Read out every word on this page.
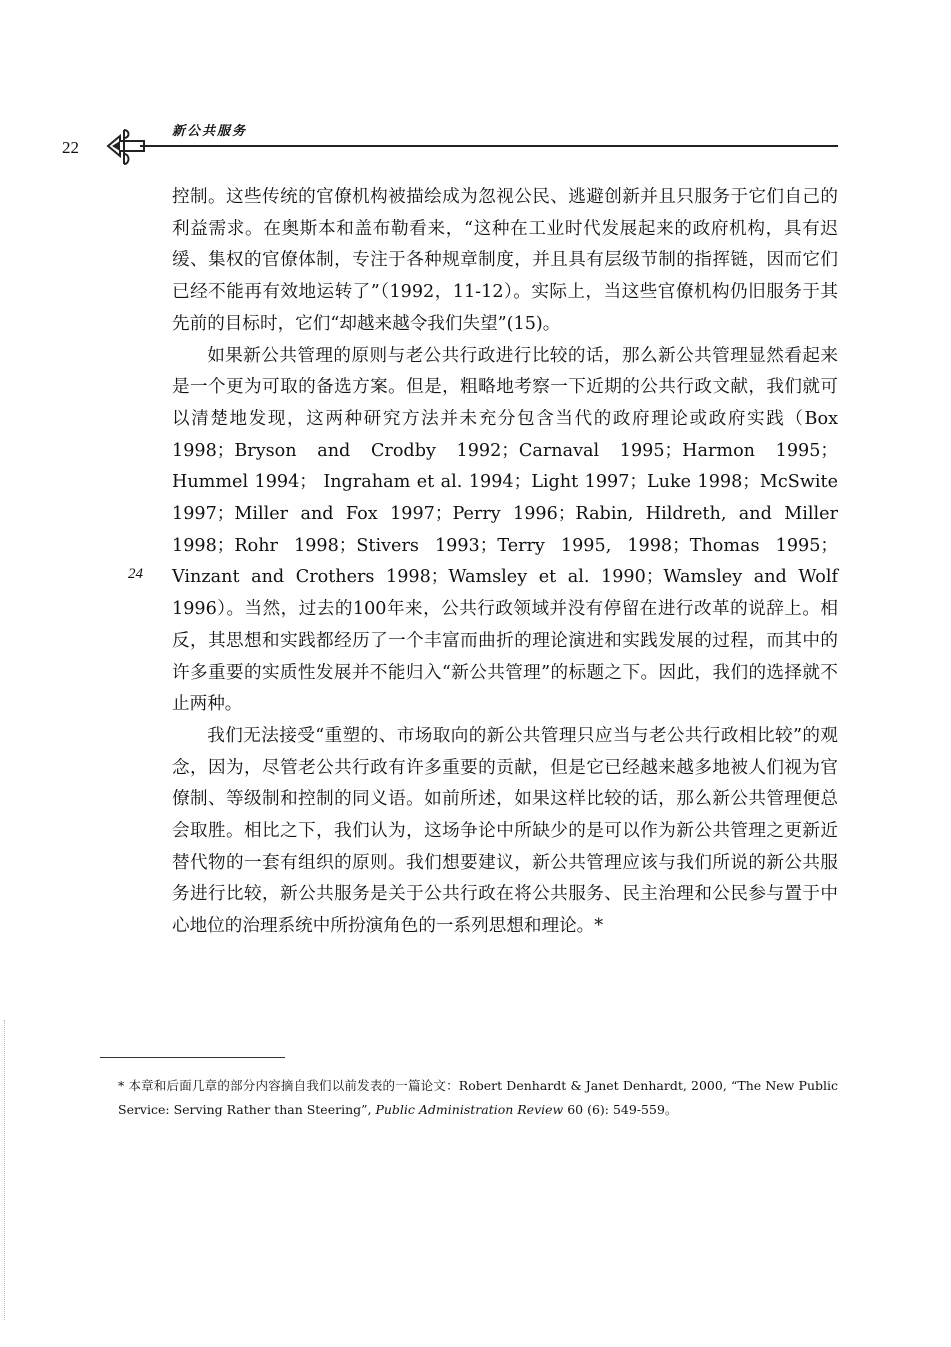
22
新公共服务

控制。这些传统的官僚机构被描绘成为忽视公民、逃避创新并且只服务于它们自己的利益需求。在奥斯本和盖布勒看来，“这种在工业时代发展起来的政府机构，具有迟缓、集权的官僚体制，专注于各种规章制度，并且具有层级节制的指挥链，因而它们已经不能再有效地运转了”（1992，11-12）。实际上，当这些官僚机构仍旧服务于其先前的目标时，它们“却越来越令我们失望”(15)。

如果新公共管理的原则与老公共行政进行比较的话，那么新公共管理显然看起来是一个更为可取的备选方案。但是，粗略地考察一下近期的公共行政文献，我们就可以清楚地发现，这两种研究方法并未充分包含当代的政府理论或政府实践（Box 1998；Bryson and Crodby 1992；Carnaval 1995；Harmon 1995；Hummel 1994； Ingraham et al. 1994；Light 1997；Luke 1998；McSwite 1997；Miller and Fox 1997；Perry 1996；Rabin, Hildreth, and Miller 1998；Rohr 1998；Stivers 1993；Terry 1995, 1998；Thomas 1995；Vinzant and Crothers 1998；Wamsley et al. 1990；Wamsley and Wolf 1996）。当然，过去的100年来，公共行政领域并没有停留在进行改革的说辞上。相反，其思想和实践都经历了一个丰富而曲折的理论演进和实践发展的过程，而其中的许多重要的实质性发展并不能归入“新公共管理”的标题之下。因此，我们的选择就不止两种。

我们无法接受“重塑的、市场取向的新公共管理只应当与老公共行政相比较”的观念，因为，尽管老公共行政有许多重要的贡献，但是它已经越来越多地被人们视为官僚制、等级制和控制的同义语。如前所述，如果这样比较的话，那么新公共管理便总会取胜。相比之下，我们认为，这场争论中所缺少的是可以作为新公共管理之更新近替代物的一套有组织的原则。我们想要建议，新公共管理应该与我们所说的新公共服务进行比较，新公共服务是关于公共行政在将公共服务、民主治理和公民参与置于中心地位的治理系统中所扮演角色的一系列思想和理论。*

24
* 本章和后面几章的部分内容摘自我们以前发表的一篇论文：Robert Denhardt & Janet Denhardt, 2000, “The New Public Service: Serving Rather than Steering”, Public Administration Review 60 (6): 549-559。
